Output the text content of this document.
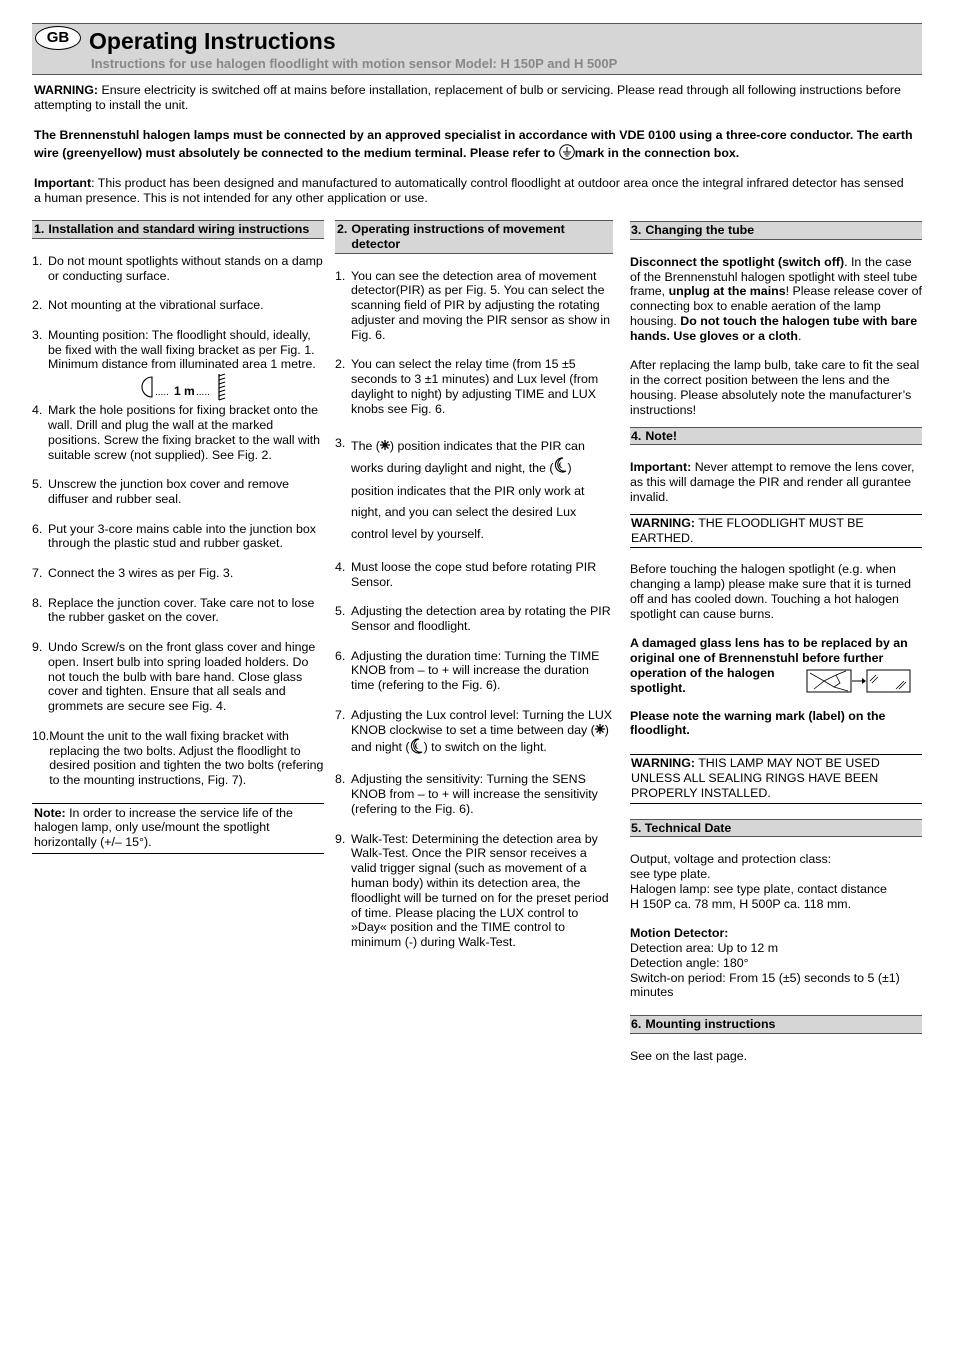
GB Operating Instructions
Instructions for use halogen floodlight with motion sensor Model: H 150P and H 500P

WARNING: Ensure electricity is switched off at mains before installation, replacement of bulb or servicing. Please read through all following instructions before attempting to install the unit.

The Brennenstuhl halogen lamps must be connected by an approved specialist in accordance with VDE 0100 using a three-core conductor. The earth wire (greenyellow) must absolutely be connected to the medium terminal. Please refer to mark in the connection box.

Important: This product has been designed and manufactured to automatically control floodlight at outdoor area once the integral infrared detector has sensed a human presence. This is not intended for any other application or use.

1. Installation and standard wiring instructions
1. Do not mount spotlights without stands on a damp or conducting surface.
2. Not mounting at the vibrational surface.
3. Mounting position: The floodlight should, ideally, be fixed with the wall fixing bracket as per Fig. 1. Minimum distance from illuminated area 1 metre.
..... 1 m .....
4. Mark the hole positions for fixing bracket onto the wall. Drill and plug the wall at the marked positions. Screw the fixing bracket to the wall with suitable screw (not supplied). See Fig. 2.
5. Unscrew the junction box cover and remove diffuser and rubber seal.
6. Put your 3-core mains cable into the junction box through the plastic stud and rubber gasket.
7. Connect the 3 wires as per Fig. 3.
8. Replace the junction cover. Take care not to lose the rubber gasket on the cover.
9. Undo Screw/s on the front glass cover and hinge open. Insert bulb into spring loaded holders. Do not touch the bulb with bare hand. Close glass cover and tighten. Ensure that all seals and grommets are secure see Fig. 4.
10. Mount the unit to the wall fixing bracket with replacing the two bolts. Adjust the floodlight to desired position and tighten the two bolts (refering to the mounting instructions, Fig. 7).
Note: In order to increase the service life of the halogen lamp, only use/mount the spotlight horizontally (+/– 15°).
2. Operating instructions of movement detector
1. You can see the detection area of movement detector(PIR) as per Fig. 5. You can select the scanning field of PIR by adjusting the rotating adjuster and moving the PIR sensor as show in Fig. 6.
2. You can select the relay time (from 15 ±5 seconds to 3 ±1 minutes) and Lux level (from daylight to night) by adjusting TIME and LUX knobs see Fig. 6.
3. The ( ) position indicates that the PIR can works during daylight and night, the ( ) position indicates that the PIR only work at night, and you can select the desired Lux control level by yourself.
4. Must loose the cope stud before rotating PIR Sensor.
5. Adjusting the detection area by rotating the PIR Sensor and floodlight.
6. Adjusting the duration time: Turning the TIME KNOB from – to + will increase the duration time (refering to the Fig. 6).
7. Adjusting the Lux control level: Turning the LUX KNOB clockwise to set a time between day ( ) and night ( ) to switch on the light.
8. Adjusting the sensitivity: Turning the SENS KNOB from – to + will increase the sensitivity (refering to the Fig. 6).
9. Walk-Test: Determining the detection area by Walk-Test. Once the PIR sensor receives a valid trigger signal (such as movement of a human body) within its detection area, the floodlight will be turned on for the preset period of time. Please placing the LUX control to »Day« position and the TIME control to minimum (-) during Walk-Test.
3. Changing the tube

Disconnect the spotlight (switch off). In the case of the Brennenstuhl halogen spotlight with steel tube frame, unplug at the mains! Please release cover of connecting box to enable aeration of the lamp housing. Do not touch the halogen tube with bare hands. Use gloves or a cloth.

After replacing the lamp bulb, take care to fit the seal in the correct position between the lens and the housing. Please absolutely note the manufacturer’s instructions!

4. Note!

Important: Never attempt to remove the lens cover, as this will damage the PIR and render all gurantee invalid.

WARNING: THE FLOODLIGHT MUST BE EARTHED.

Before touching the halogen spotlight (e.g. when changing a lamp) please make sure that it is turned off and has cooled down. Touching a hot halogen spotlight can cause burns.

A damaged glass lens has to be replaced by an original one of Brennenstuhl before further

operation of the halogen spotlight.

Please note the warning mark (label) on the floodlight.

WARNING: THIS LAMP MAY NOT BE USED UNLESS ALL SEALING RINGS HAVE BEEN PROPERLY INSTALLED.
5. Technical Date

Output, voltage and protection class:

see type plate.

Halogen lamp: see type plate, contact distance

H 150P ca. 78 mm, H 500P ca. 118 mm.

Motion Detector:

Detection area: Up to 12 m

Detection angle: 180°

Switch-on period: From 15 (±5) seconds to 5 (±1) minutes

6. Mounting instructions

See on the last page.
